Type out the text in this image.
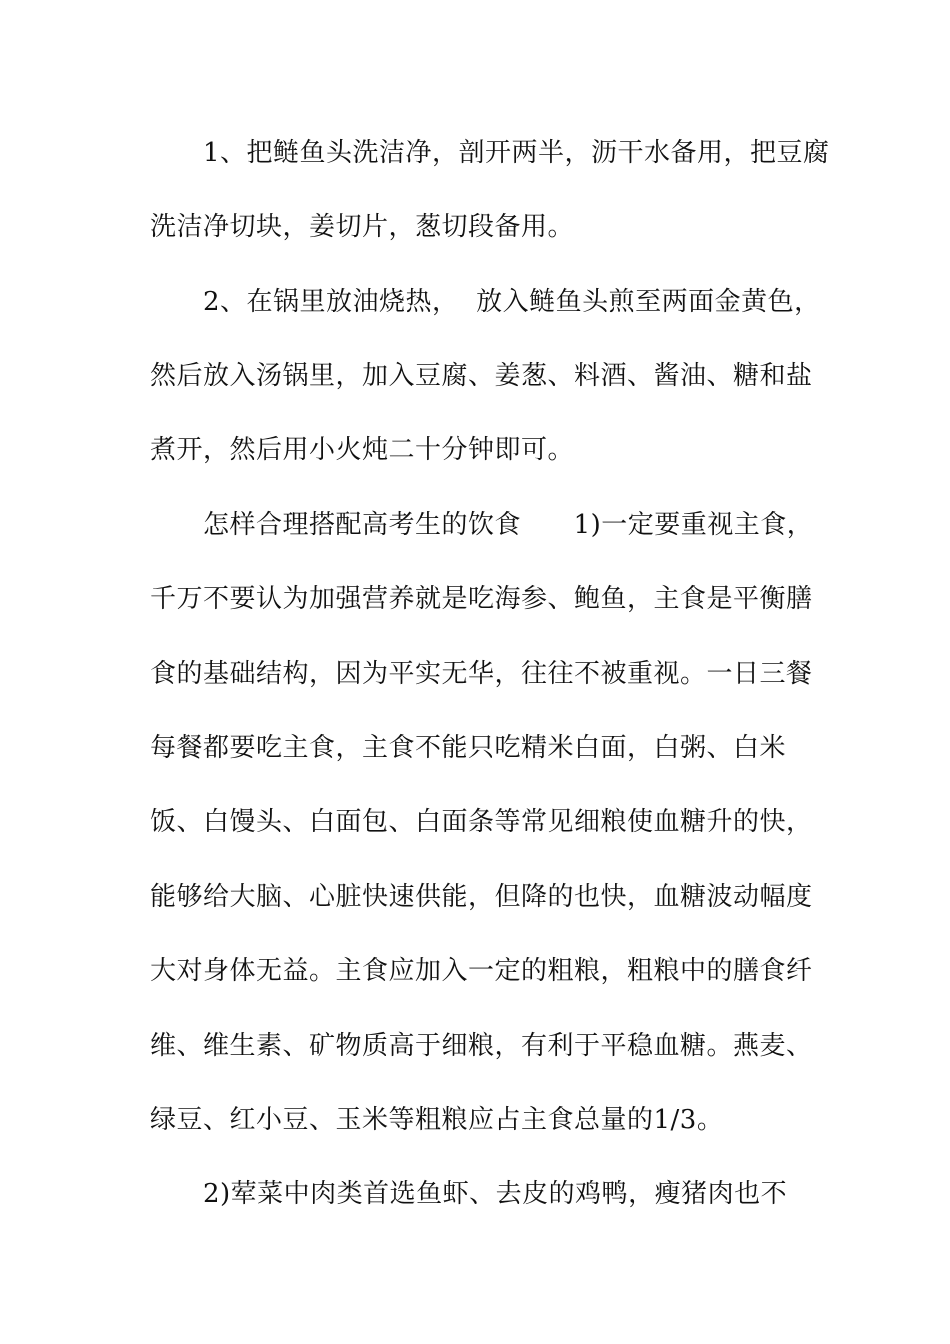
1、把鲢鱼头洗洁净，剖开两半，沥干水备用，把豆腐
洗洁净切块，姜切片，葱切段备用。
2、在锅里放油烧热，  放入鲢鱼头煎至两面金黄色，
然后放入汤锅里，加入豆腐、姜葱、料酒、酱油、糖和盐
煮开，然后用小火炖二十分钟即可。
怎样合理搭配高考生的饮食      1)一定要重视主食，
千万不要认为加强营养就是吃海参、鲍鱼，主食是平衡膳
食的基础结构，因为平实无华，往往不被重视。一日三餐
每餐都要吃主食，主食不能只吃精米白面，白粥、白米
饭、白馒头、白面包、白面条等常见细粮使血糖升的快，
能够给大脑、心脏快速供能，但降的也快，血糖波动幅度
大对身体无益。主食应加入一定的粗粮，粗粮中的膳食纤
维、维生素、矿物质高于细粮，有利于平稳血糖。燕麦、
绿豆、红小豆、玉米等粗粮应占主食总量的1/3。
2)荤菜中肉类首选鱼虾、去皮的鸡鸭，瘦猪肉也不
